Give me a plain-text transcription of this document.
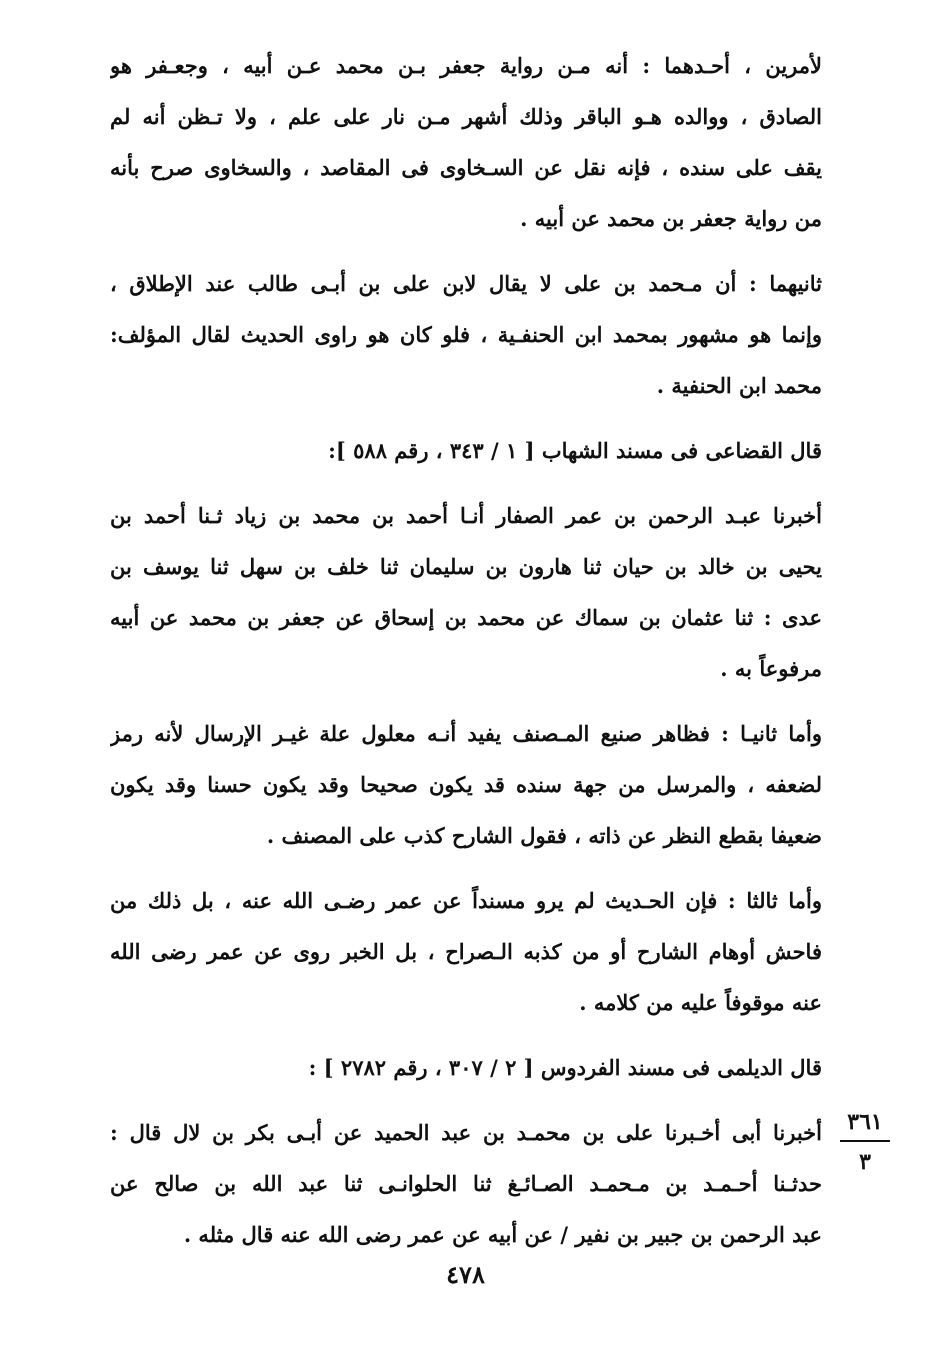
لأمرين ، أحـدهما : أنه مـن رواية جعفر بـن محمد عـن أبيه ، وجعـفر هو
الصادق ، ووالده هـو الباقر وذلك أشهر مـن نار على علم ، ولا تـظن أنه لم
يقف على سنده ، فإنه نقل عن السـخاوى فى المقاصد ، والسخاوى صرح بأنه
من رواية جعفر بن محمد عن أبيه .
ثانيهما : أن مـحمد بن على لا يقال لابن على بن أبـى طالب عند الإطلاق ،
وإنما هو مشهور بمحمد ابن الحنفـية ، فلو كان هو راوى الحديث لقال المؤلف:
محمد ابن الحنفية .
قال القضاعى فى مسند الشهاب [ ١ / ٣٤٣ ، رقم ٥٨٨ ]:
أخبرنا عبـد الرحمن بن عمر الصفار أنـا أحمد بن محمد بن زياد ثـنا أحمد بن
يحيى بن خالد بن حيان ثنا هارون بن سليمان ثنا خلف بن سهل ثنا يوسف بن
عدى : ثنا عثمان بن سماك عن محمد بن إسحاق عن جعفر بن محمد عن أبيه
مرفوعاً به .
وأما ثانيـا : فظاهر صنيع المـصنف يفيد أنـه معلول علة غيـر الإرسال لأنه رمز
لضعفه ، والمرسل من جهة سنده قد يكون صحيحا وقد يكون حسنا وقد يكون
ضعيفا بقطع النظر عن ذاته ، فقول الشارح كذب على المصنف .
وأما ثالثا : فإن الحـديث لم يرو مسنداً عن عمر رضـى الله عنه ، بل ذلك من
فاحش أوهام الشارح أو من كذبه الـصراح ، بل الخبر روى عن عمر رضى الله
عنه موقوفاً عليه من كلامه .
قال الديلمى فى مسند الفردوس [ ٢ / ٣٠٧ ، رقم ٢٧٨٢ ] :
أخبرنا أبى أخـبرنا على بن محمـد بن عبد الحميد عن أبـى بكر بن لال قال :
حدثـنا أحـمـد بن مـحمـد الصـائـغ ثنا الحلوانـى ثنا عبد الله بن صالح عن
عبد الرحمن بن جبير بن نفير / عن أبيه عن عمر رضى الله عنه قال مثله .
٣٦١
٣
٤٧٨
